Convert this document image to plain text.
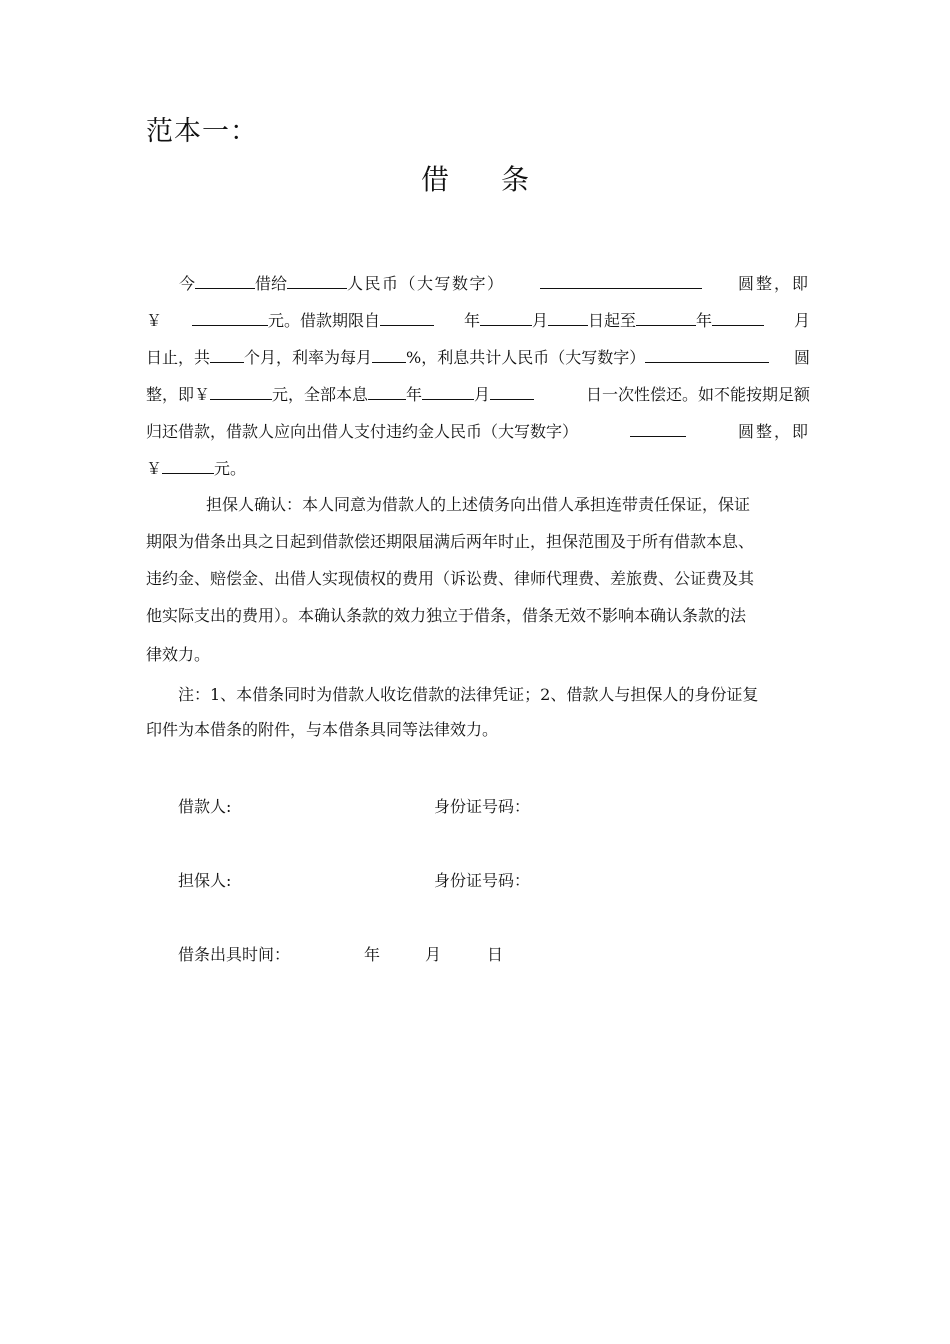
范本一：
借 条
今	借给	人民币（大写数字）	圆整，即
￥	元。借款期限自	年	月	日起至	年	月
日止，共 个月，利率为每月 %，利息共计人民币（大写数字）	圆
整，即￥	元，全部本息 年	月	日一次性偿还。如不能按期足额
归还借款，借款人应向出借人支付违约金人民币（大写数字）	圆整，即
￥	元。
担保人确认：本人同意为借款人的上述债务向出借人承担连带责任保证，保证
期限为借条出具之日起到借款偿还期限届满后两年时止，担保范围及于所有借款本息、
违约金、赔偿金、出借人实现债权的费用（诉讼费、律师代理费、差旅费、公证费及其
他实际支出的费用）。本确认条款的效力独立于借条，借条无效不影响本确认条款的法
律效力。
注：1、本借条同时为借款人收讫借款的法律凭证；2、借款人与担保人的身份证复
印件为本借条的附件，与本借条具同等法律效力。
借款人:	身份证号码：
担保人:	身份证号码：
借条出具时间：	年	月	日
